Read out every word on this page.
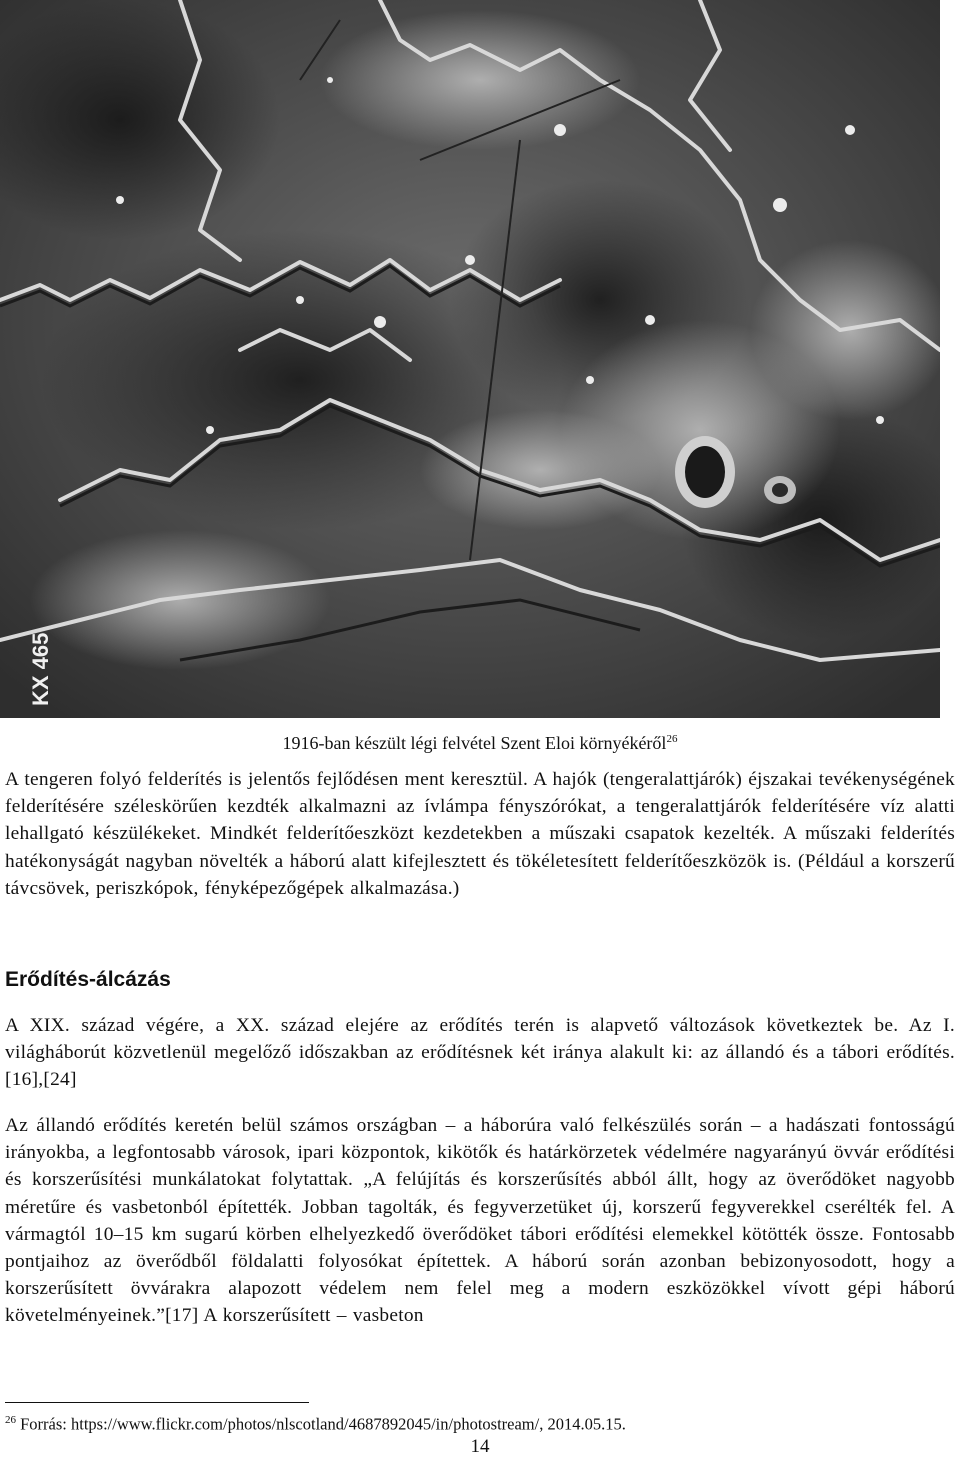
KX 465
1916-ban készült légi felvétel Szent Eloi környékéről$^{26}$

A tengeren folyó felderítés is jelentős fejlődésen ment keresztül. A hajók (tengeralattjárók) éjszakai tevékenységének felderítésére széleskörűen kezdték alkalmazni az ívlámpa fényszórókat, a tengeralattjárók felderítésére víz alatti lehallgató készülékeket. Mindkét felderítőeszközt kezdetekben a műszaki csapatok kezelték. A műszaki felderítés hatékonyságát nagyban növelték a háború alatt kifejlesztett és tökéletesített felderítőeszközök is. (Például a korszerű távcsövek, periszkópok, fényképezőgépek alkalmazása.)

Erődítés-álcázás

A XIX. század végére, a XX. század elejére az erődítés terén is alapvető változások következtek be. Az I. világháborút közvetlenül megelőző időszakban az erődítésnek két iránya alakult ki: az állandó és a tábori erődítés.[16],[24]

Az állandó erődítés keretén belül számos országban – a háborúra való felkészülés során – a hadászati fontosságú irányokba, a legfontosabb városok, ipari központok, kikötők és határkörzetek védelmére nagyarányú övvár erődítési és korszerűsítési munkálatokat folytattak. „A felújítás és korszerűsítés abból állt, hogy az överődöket nagyobb méretűre és vasbetonból építették. Jobban tagolták, és fegyverzetüket új, korszerű fegyverekkel cserélték fel. A vármagtól 10–15 km sugarú körben elhelyezkedő överődöket tábori erődítési elemekkel kötötték össze. Fontosabb pontjaihoz az överődből földalatti folyosókat építettek. A háború során azonban bebizonyosodott, hogy a korszerűsített övvárakra alapozott védelem nem felel meg a modern eszközökkel vívott gépi háború követelményeinek.”[17] A korszerűsített – vasbeton

$^{26}$ Forrás: https://www.flickr.com/photos/nlscotland/4687892045/in/photostream/, 2014.05.15.
14
